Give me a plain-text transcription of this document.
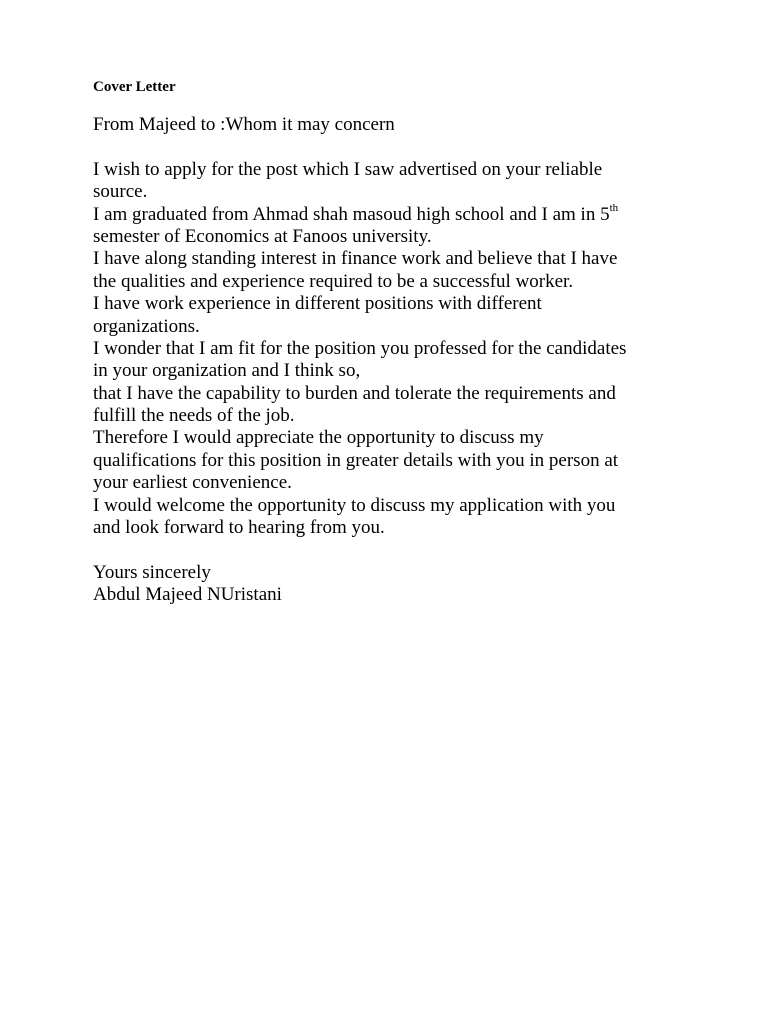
Cover Letter
From Majeed to :Whom it may concern
I wish to apply for the post which I saw advertised on your reliable
source.
I am graduated from Ahmad shah masoud high school and I am in 5th
semester of Economics at Fanoos university.
I have along standing interest in finance work and believe that I have
the qualities and experience required to be a successful worker.
I have work experience in different positions with different
organizations.
I wonder that I am fit for the position you professed for the candidates
in your organization and I think so,
that I have the capability to burden and tolerate the requirements and
fulfill the needs of the job.
Therefore I would appreciate the opportunity to discuss my
qualifications for this position in greater details with you in person at
your earliest convenience.
I would welcome the opportunity to discuss my application with you
and look forward to hearing from you.
Yours sincerely
Abdul Majeed NUristani
